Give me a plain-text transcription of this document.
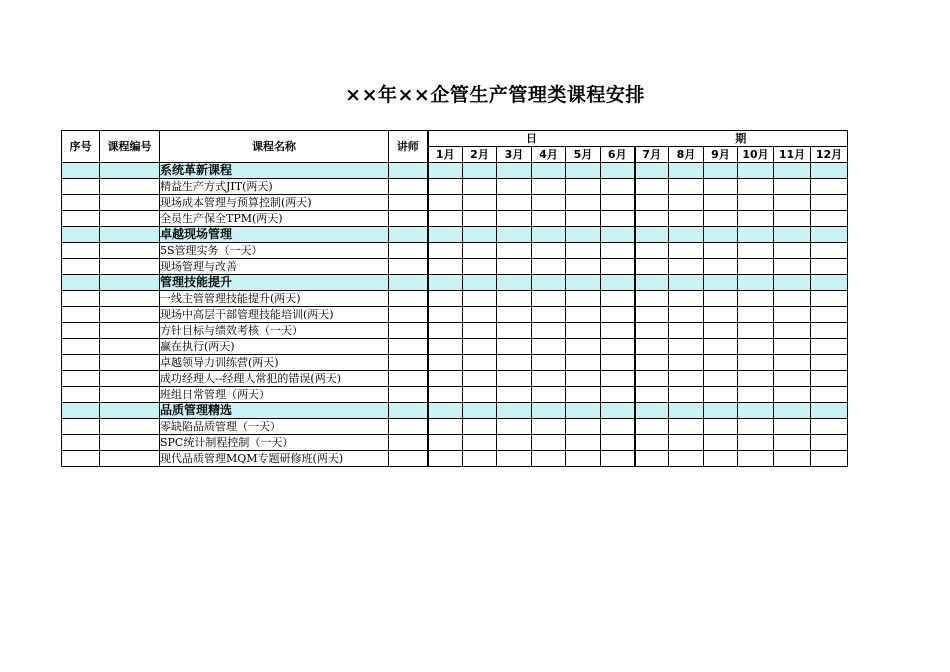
××年××企管生产管理类课程安排
序号	课程编号	课程名称	讲师	日						期					
				1月	2月	3月	4月	5月	6月	7月	8月	9月	10月	11月	12月
		系统革新课程													
		精益生产方式JIT(两天)													
		现场成本管理与预算控制(两天)													
		全员生产保全TPM(两天)													
		卓越现场管理													
		5S管理实务（一天）													
		现场管理与改善													
		管理技能提升													
		一线主管管理技能提升(两天)													
		现场中高层干部管理技能培训(两天)													
		方针目标与绩效考核（一天）													
		赢在执行(两天)													
		卓越领导力训练营(两天)													
		成功经理人--经理人常犯的错误(两天)													
		班组日常管理（两天）													
		品质管理精选													
		零缺陷品质管理（一天）													
		SPC统计制程控制（一天）													
		现代品质管理MQM专题研修班(两天)													
